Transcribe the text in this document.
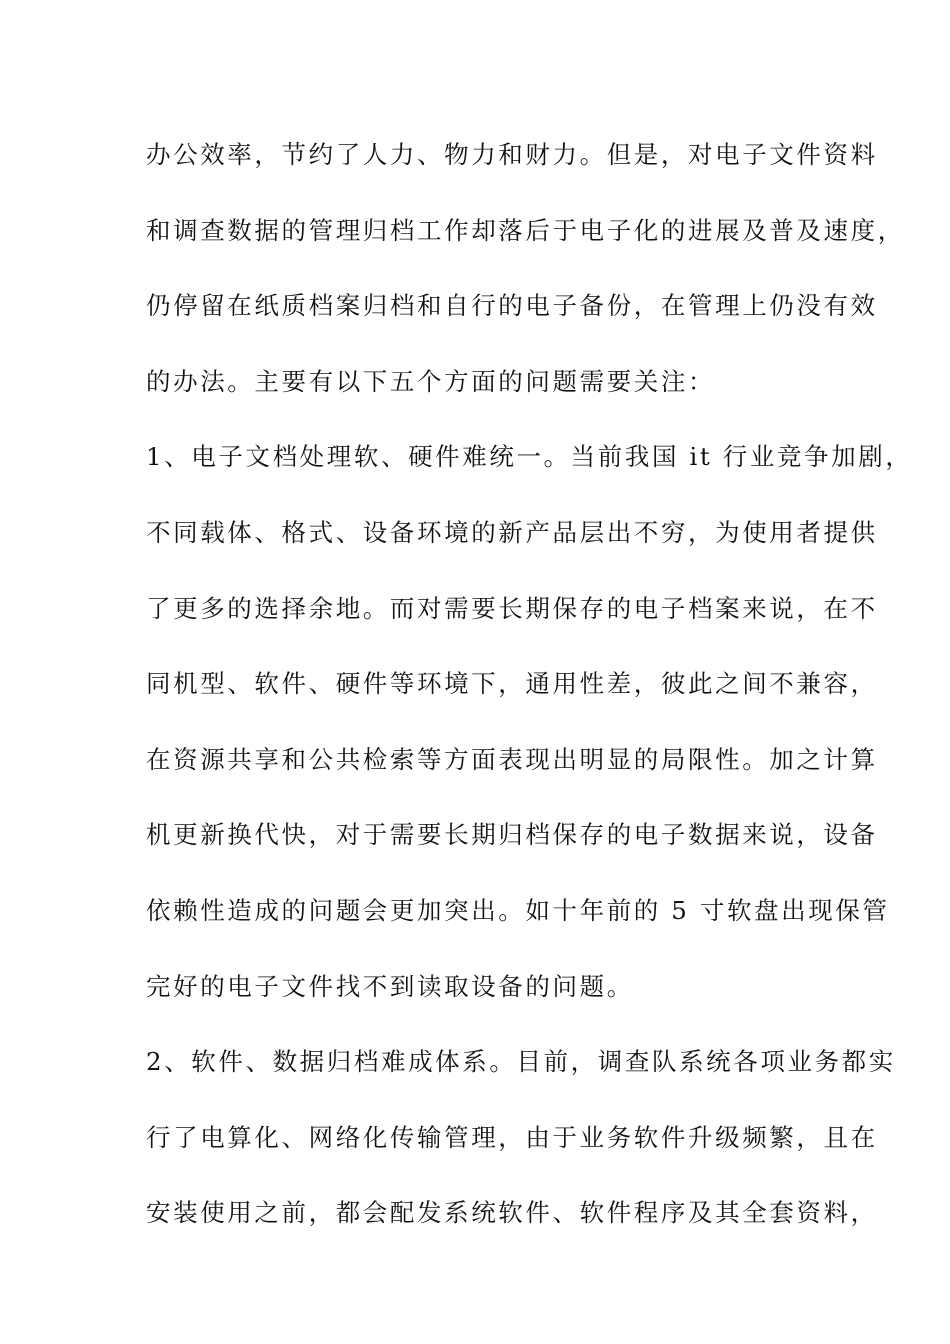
办公效率，节约了人力、物力和财力。但是，对电子文件资料
和调查数据的管理归档工作却落后于电子化的进展及普及速度，
仍停留在纸质档案归档和自行的电子备份，在管理上仍没有效
的办法。主要有以下五个方面的问题需要关注：
1、电子文档处理软、硬件难统一。当前我国 it 行业竞争加剧，
不同载体、格式、设备环境的新产品层出不穷，为使用者提供
了更多的选择余地。而对需要长期保存的电子档案来说，在不
同机型、软件、硬件等环境下，通用性差，彼此之间不兼容，
在资源共享和公共检索等方面表现出明显的局限性。加之计算
机更新换代快，对于需要长期归档保存的电子数据来说，设备
依赖性造成的问题会更加突出。如十年前的 5 寸软盘出现保管
完好的电子文件找不到读取设备的问题。
2、软件、数据归档难成体系。目前，调查队系统各项业务都实
行了电算化、网络化传输管理，由于业务软件升级频繁，且在
安装使用之前，都会配发系统软件、软件程序及其全套资料，
